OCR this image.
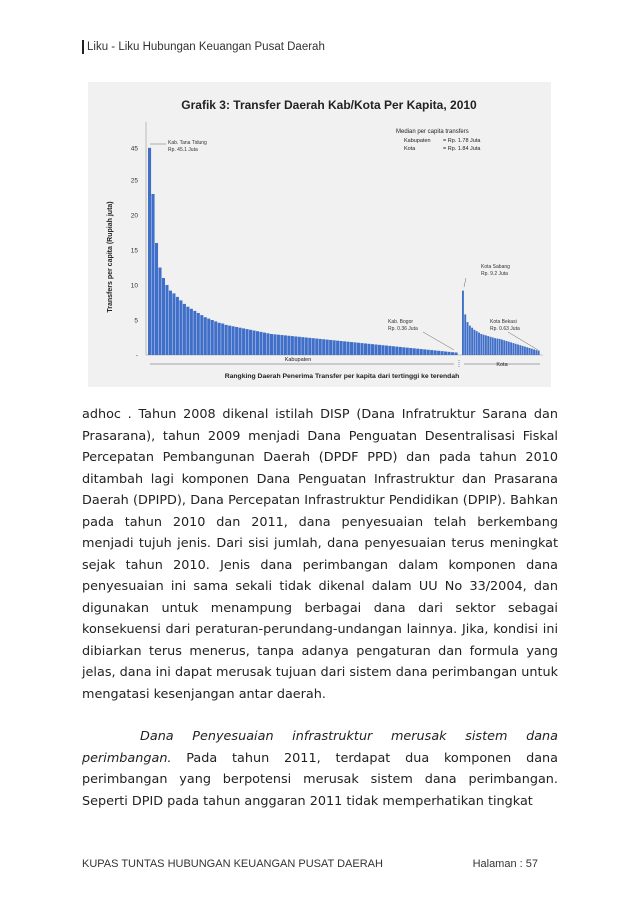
Liku - Liku Hubungan Keuangan Pusat Daerah
Grafik 3: Transfer Daerah Kab/Kota Per Kapita, 2010
Transfers per capita (Rupiah juta)
45
25
20
15
10
5
-
Kab. Tana Tidung
Rp. 45.1 Juta
Kab. Bogor
Rp. 0.36 Juta
Kota Sabang
Rp. 9.2 Juta
Kota Bekasi
Rp. 0.63 Juta
Median per capita transfers
Kabupaten = Rp. 1.78 Juta
Kota	= Rp. 1.84 Juta
Kabupaten
Kota
Rangking Daerah Penerima Transfer per kapita dari tertinggi ke terendah

adhoc . Tahun 2008 dikenal istilah DISP (Dana Infratruktur Sarana dan Prasarana), tahun 2009 menjadi Dana Penguatan Desentralisasi Fiskal Percepatan Pembangunan Daerah (DPDF PPD) dan pada tahun 2010 ditambah lagi komponen Dana Penguatan Infrastruktur dan Prasarana Daerah (DPIPD), Dana Percepatan Infrastruktur Pendidikan (DPIP). Bahkan pada tahun 2010 dan 2011, dana penyesuaian telah berkembang menjadi tujuh jenis. Dari sisi jumlah, dana penyesuaian terus meningkat sejak tahun 2010. Jenis dana perimbangan dalam komponen dana penyesuaian ini sama sekali tidak dikenal dalam UU No 33/2004, dan digunakan untuk menampung berbagai dana dari sektor sebagai konsekuensi dari peraturan-perundang-undangan lainnya. Jika, kondisi ini dibiarkan terus menerus, tanpa adanya pengaturan dan formula yang jelas, dana ini dapat merusak tujuan dari sistem dana perimbangan untuk mengatasi kesenjangan antar daerah.

Dana Penyesuaian infrastruktur merusak sistem dana perimbangan. Pada tahun 2011, terdapat dua komponen dana perimbangan yang berpotensi merusak sistem dana perimbangan. Seperti DPID pada tahun anggaran 2011 tidak memperhatikan tingkat

KUPAS TUNTAS HUBUNGAN KEUANGAN PUSAT DAERAH	Halaman : 57
